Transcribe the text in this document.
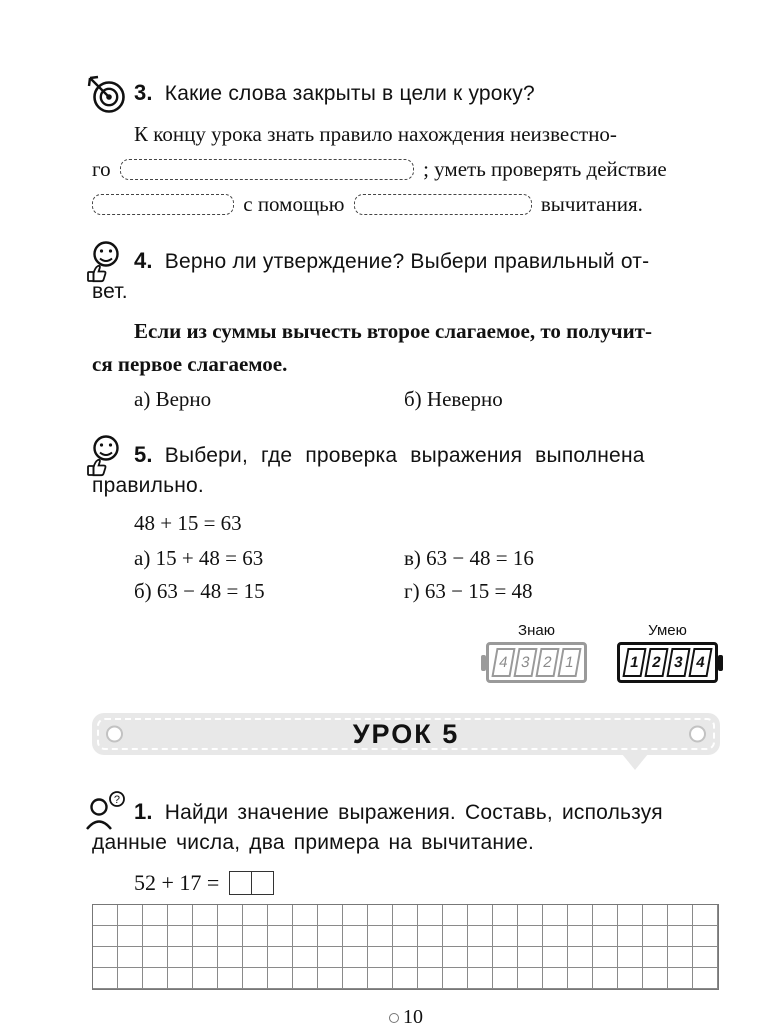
3. Какие слова закрыты в цели к уроку?
К концу урока знать правило нахождения неизвестно-
го	; уметь проверять действие
с помощью	вычитания.
4. Верно ли утверждение? Выбери правильный от-
вет.
Если из суммы вычесть второе слагаемое, то получит-
ся первое слагаемое.
а) Верно	б) Неверно
5. Выбери, где проверка выражения выполнена
правильно.
48 + 15 = 63
а) 15 + 48 = 63	в) 63 − 48 = 16
б) 63 − 48 = 15	г) 63 − 15 = 48
Знаю
4 3 2 1
Умею
1 2 3 4
УРОК 5
? 1. Найди значение выражения. Составь, используя
данные числа, два примера на вычитание.
52 + 17 =
10
